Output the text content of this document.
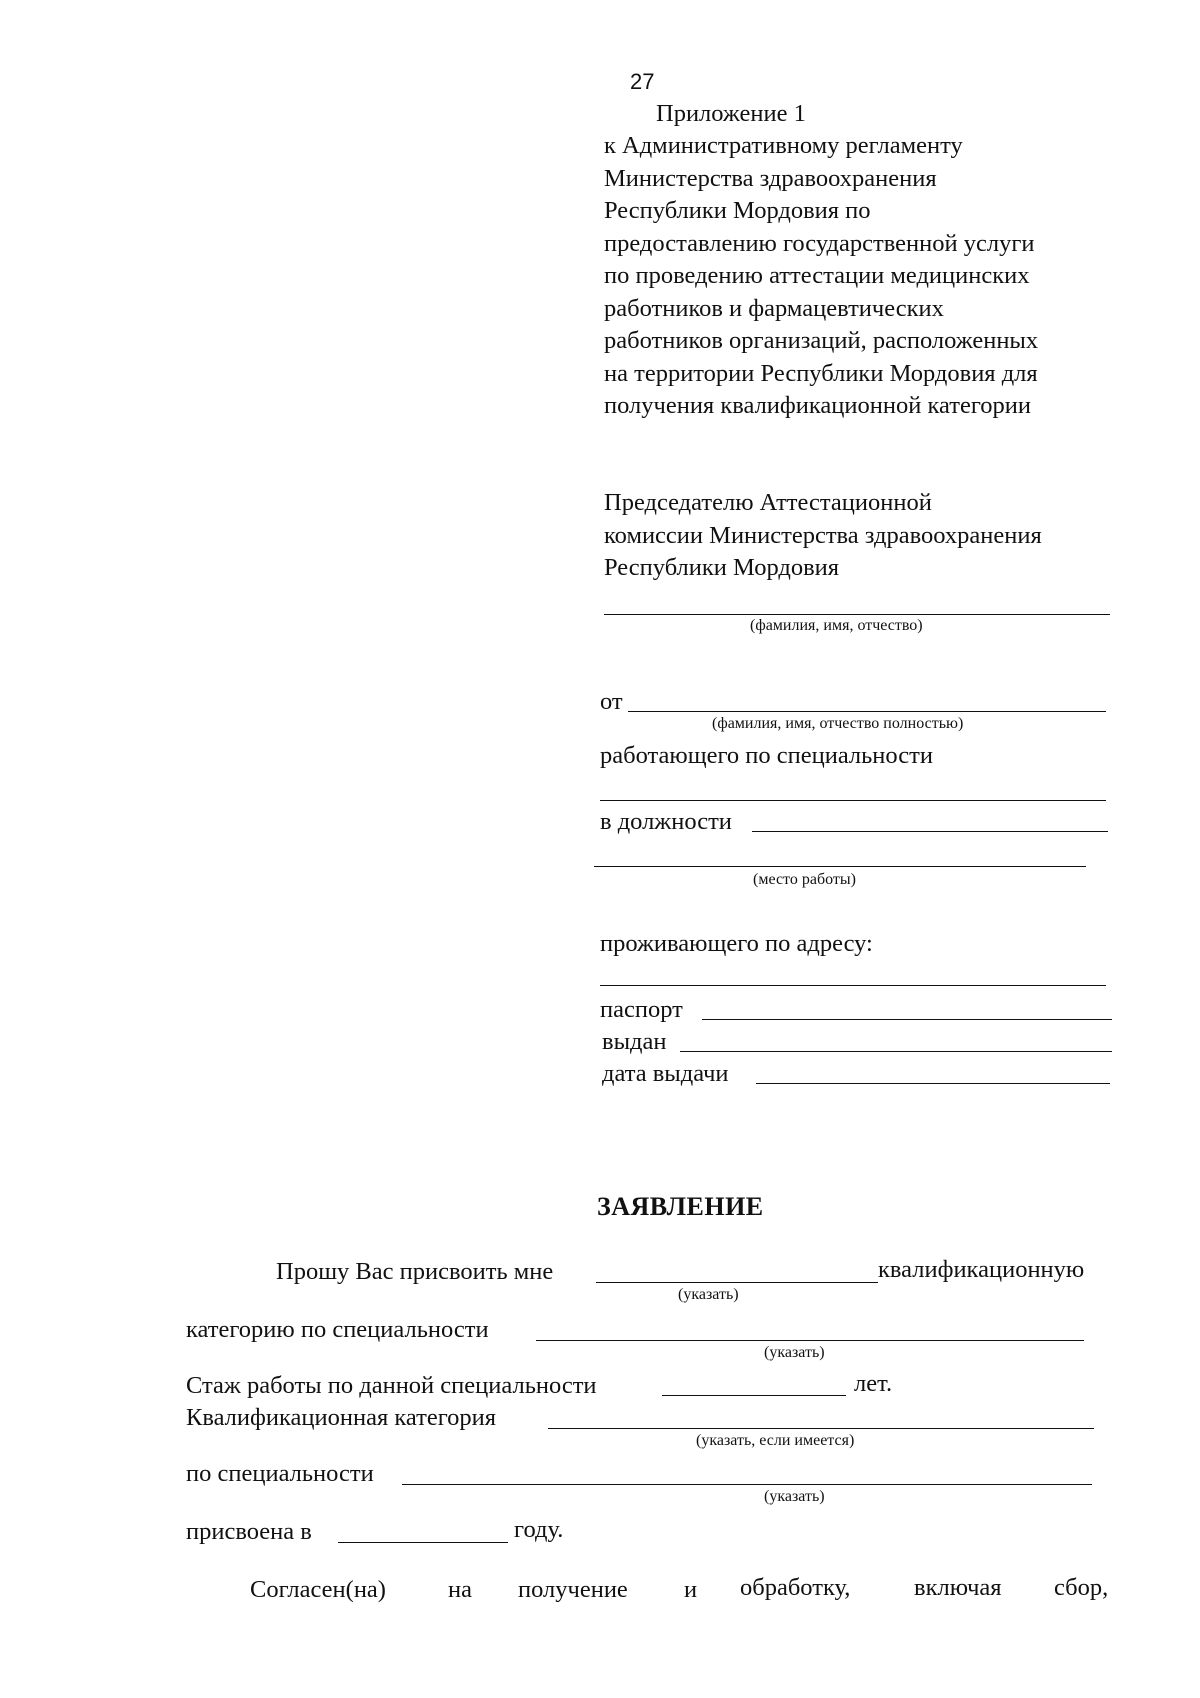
27
Приложение 1
к Административному регламенту
Министерства здравоохранения
Республики Мордовия по
предоставлению государственной услуги
по проведению аттестации медицинских
работников и фармацевтических
работников организаций, расположенных
на территории Республики Мордовия для
получения квалификационной категории
Председателю Аттестационной
комиссии Министерства здравоохранения
Республики Мордовия
(фамилия, имя, отчество)
от
(фамилия, имя, отчество полностью)
работающего по специальности
в должности
(место работы)
проживающего по адресу:
паспорт
выдан
дата выдачи
ЗАЯВЛЕНИЕ
Прошу Вас присвоить мне	квалификационную
(указать)
категорию по специальности
(указать)
Стаж работы по данной специальности	лет.
Квалификационная категория
(указать, если имеется)
по специальности
(указать)
присвоена в	году.
Согласен(на)	на получение и обработку,	включая сбор,
